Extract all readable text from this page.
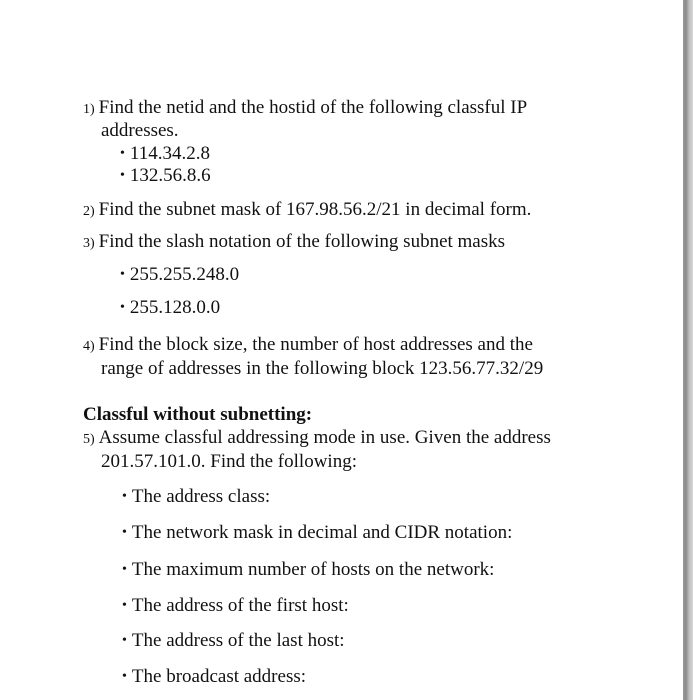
1) Find the netid and the hostid of the following classful IP
addresses.
• 114.34.2.8
• 132.56.8.6
2) Find the subnet mask of 167.98.56.2/21 in decimal form.
3) Find the slash notation of the following subnet masks
• 255.255.248.0
• 255.128.0.0
4) Find the block size, the number of host addresses and the
range of addresses in the following block 123.56.77.32/29
Classful without subnetting:
5) Assume classful addressing mode in use. Given the address
201.57.101.0. Find the following:
• The address class:
• The network mask in decimal and CIDR notation:
• The maximum number of hosts on the network:
• The address of the first host:
• The address of the last host:
• The broadcast address:
